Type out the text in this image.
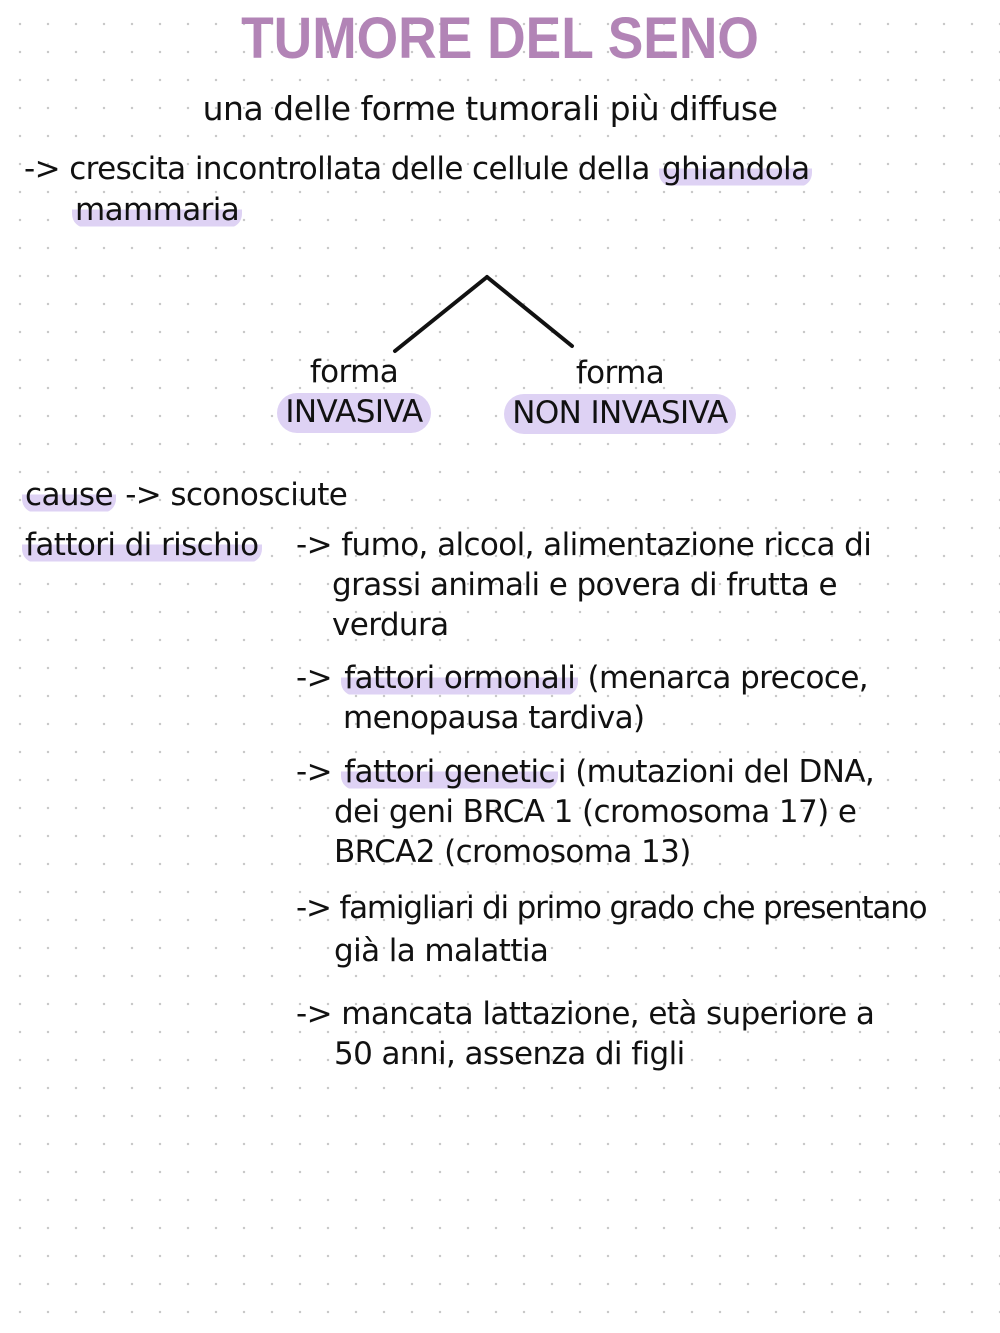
TUMORE DEL SENO
una delle forme tumorali più diffuse
-> crescita incontrollata delle cellule della ghiandola
mammaria
forma
INVASIVA
forma
NON INVASIVA
cause -> sconosciute
fattori di rischio -> fumo, alcool, alimentazione ricca di
grassi animali e povera di frutta e
verdura
-> fattori ormonali (menarca precoce,
menopausa tardiva)
-> fattori genetici (mutazioni del DNA,
dei geni BRCA 1 (cromosoma 17) e
BRCA2 (cromosoma 13)
-> famigliari di primo grado che presentano
già la malattia
-> mancata lattazione, età superiore a
50 anni, assenza di figli
